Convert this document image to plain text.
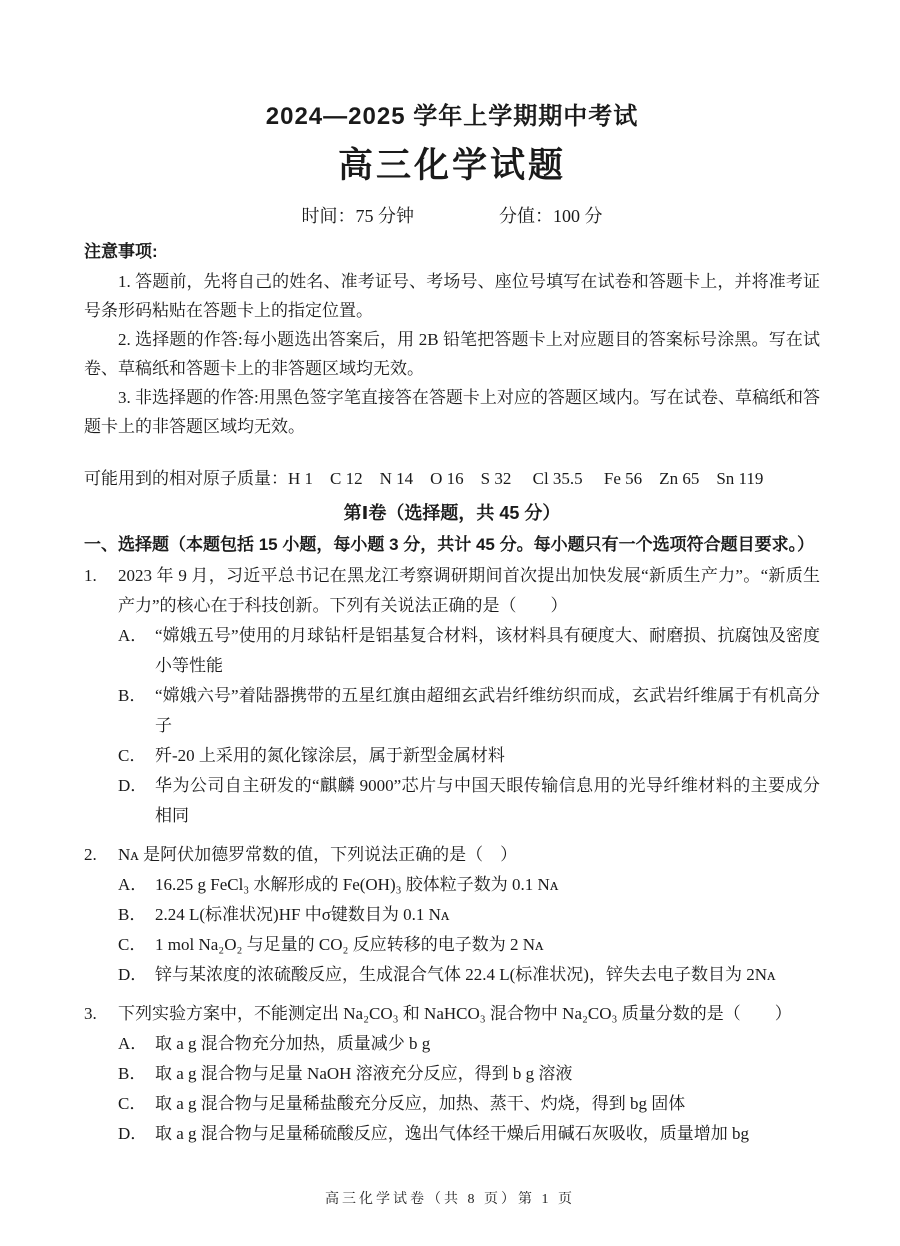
2024—2025 学年上学期期中考试
高三化学试题
时间：75 分钟	分值：100 分
注意事项:

1. 答题前，先将自己的姓名、准考证号、考场号、座位号填写在试卷和答题卡上，并将准考证号条形码粘贴在答题卡上的指定位置。

2. 选择题的作答:每小题选出答案后，用 2B 铅笔把答题卡上对应题目的答案标号涂黑。写在试卷、草稿纸和答题卡上的非答题区域均无效。

3. 非选择题的作答:用黑色签字笔直接答在答题卡上对应的答题区域内。写在试卷、草稿纸和答题卡上的非答题区域均无效。

可能用到的相对原子质量：H 1　C 12　N 14　O 16　S 32　 Cl 35.5　 Fe 56　Zn 65　Sn 119
第Ⅰ卷（选择题，共 45 分）
一、选择题（本题包括 15 小题，每小题 3 分，共计 45 分。每小题只有一个选项符合题目要求。）
1.	2023 年 9 月，习近平总书记在黑龙江考察调研期间首次提出加快发展“新质生产力”。“新质生产力”的核心在于科技创新。下列有关说法正确的是（　　）
A． “嫦娥五号”使用的月球钻杆是铝基复合材料，该材料具有硬度大、耐磨损、抗腐蚀及密度小等性能
B． “嫦娥六号”着陆器携带的五星红旗由超细玄武岩纤维纺织而成，玄武岩纤维属于有机高分子
C． 歼-20 上采用的氮化镓涂层，属于新型金属材料
D． 华为公司自主研发的“麒麟 9000”芯片与中国天眼传输信息用的光导纤维材料的主要成分相同
2.	Nᴀ 是阿伏加德罗常数的值，下列说法正确的是（　）
A． 16.25 g FeCl₃ 水解形成的 Fe(OH)₃ 胶体粒子数为 0.1 Nᴀ
B． 2.24 L(标准状况)HF 中σ键数目为 0.1 Nᴀ
C． 1 mol Na₂O₂ 与足量的 CO₂ 反应转移的电子数为 2 Nᴀ
D． 锌与某浓度的浓硫酸反应，生成混合气体 22.4 L(标准状况)，锌失去电子数目为 2Nᴀ
3.	下列实验方案中，不能测定出 Na₂CO₃ 和 NaHCO₃ 混合物中 Na₂CO₃ 质量分数的是（　　）
A． 取 a g 混合物充分加热，质量减少 b g
B． 取 a g 混合物与足量 NaOH 溶液充分反应，得到 b g 溶液
C． 取 a g 混合物与足量稀盐酸充分反应，加热、蒸干、灼烧，得到 bg 固体
D． 取 a g 混合物与足量稀硫酸反应，逸出气体经干燥后用碱石灰吸收，质量增加 bg
高三化学试卷（共 8 页）第 1 页
